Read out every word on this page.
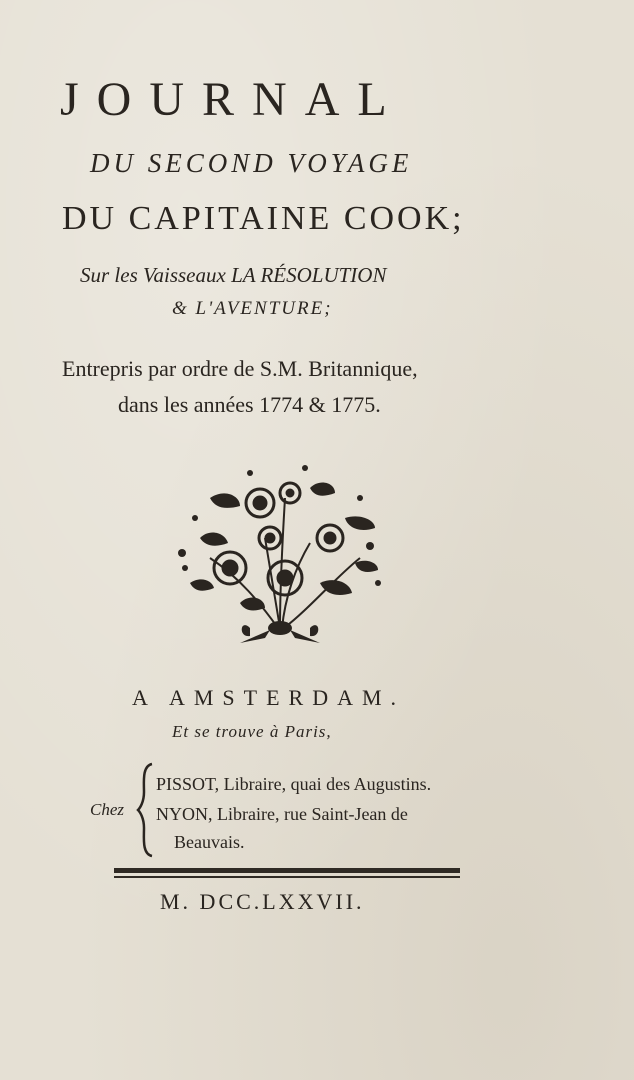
JOURNAL
DU SECOND VOYAGE
DU CAPITAINE COOK;
Sur les Vaisseaux LA RÉSOLUTION
& L'AVENTURE;
Entrepris par ordre de S.M. Britannique,
dans les années 1774 & 1775.
A AMSTERDAM.
Et se trouve à Paris,
Chez
PISSOT, Libraire, quai des Augustins.
NYON, Libraire, rue Saint-Jean de
Beauvais.
M. DCC.LXXVII.
